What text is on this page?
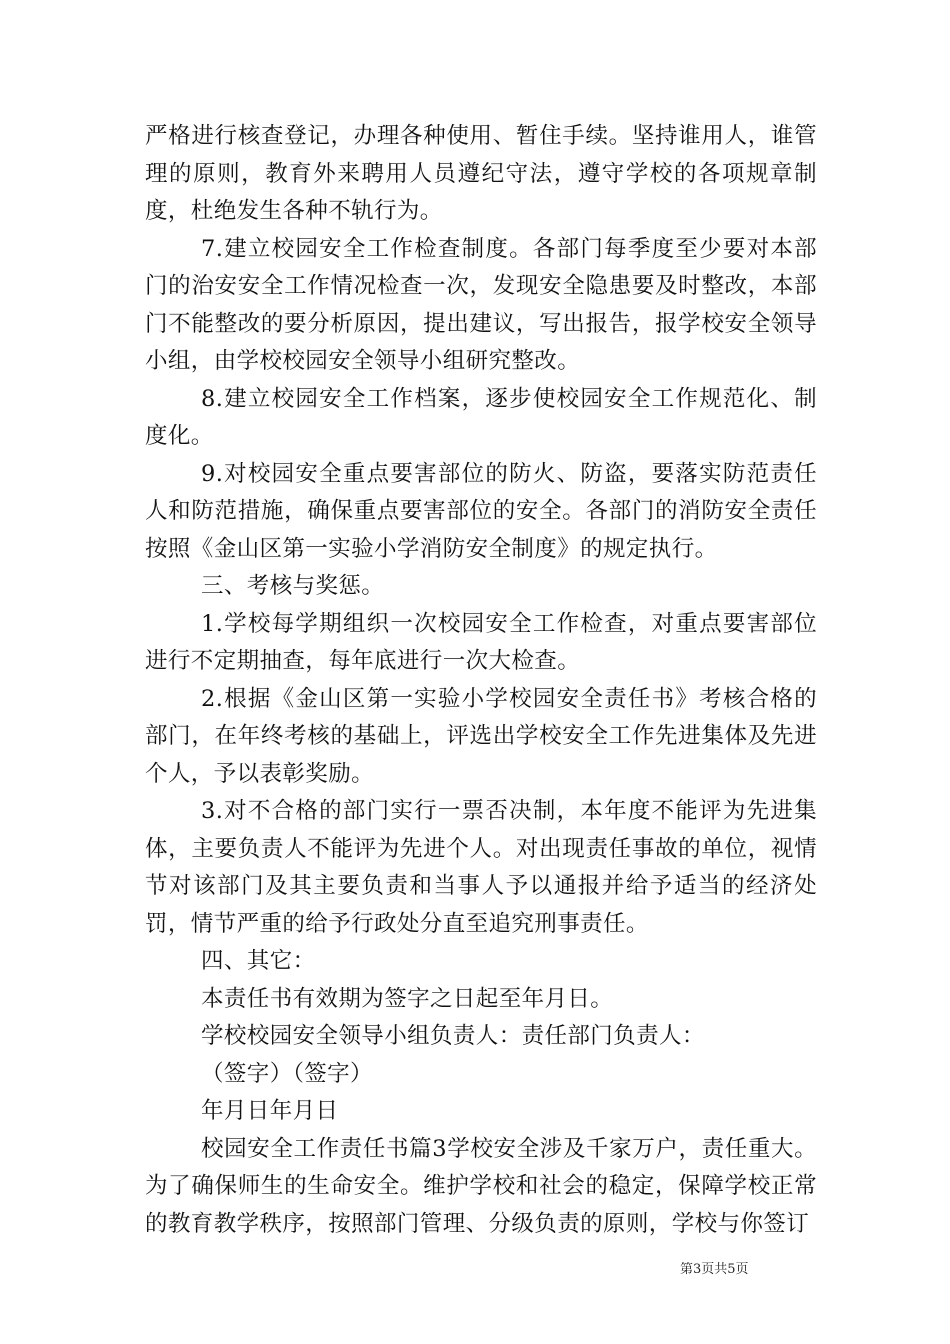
严格进行核查登记，办理各种使用、暂住手续。坚持谁用人，谁管理的原则，教育外来聘用人员遵纪守法，遵守学校的各项规章制度，杜绝发生各种不轨行为。

7.建立校园安全工作检查制度。各部门每季度至少要对本部门的治安安全工作情况检查一次，发现安全隐患要及时整改，本部门不能整改的要分析原因，提出建议，写出报告，报学校安全领导小组，由学校校园安全领导小组研究整改。

8.建立校园安全工作档案，逐步使校园安全工作规范化、制度化。

9.对校园安全重点要害部位的防火、防盗，要落实防范责任人和防范措施，确保重点要害部位的安全。各部门的消防安全责任按照《金山区第一实验小学消防安全制度》的规定执行。

三、考核与奖惩。

1.学校每学期组织一次校园安全工作检查，对重点要害部位进行不定期抽查，每年底进行一次大检查。

2.根据《金山区第一实验小学校园安全责任书》考核合格的部门，在年终考核的基础上，评选出学校安全工作先进集体及先进个人，予以表彰奖励。

3.对不合格的部门实行一票否决制，本年度不能评为先进集体，主要负责人不能评为先进个人。对出现责任事故的单位，视情节对该部门及其主要负责和当事人予以通报并给予适当的经济处罚，情节严重的给予行政处分直至追究刑事责任。

四、其它：

本责任书有效期为签字之日起至年月日。

学校校园安全领导小组负责人：责任部门负责人：

（签字）（签字）

年月日年月日

校园安全工作责任书篇3学校安全涉及千家万户，责任重大。为了确保师生的生命安全。维护学校和社会的稳定，保障学校正常的教育教学秩序，按照部门管理、分级负责的原则，学校与你签订

第3页共5页
